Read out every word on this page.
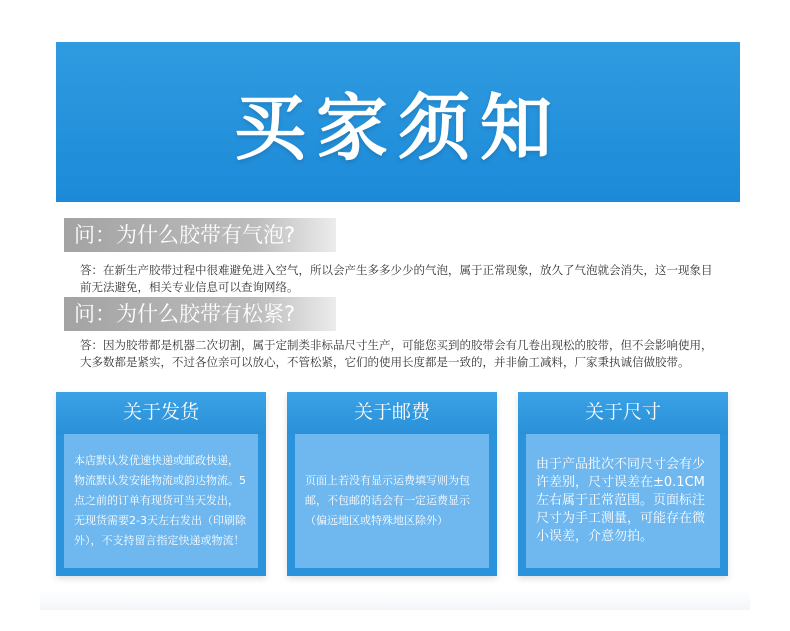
买家须知
问：为什么胶带有气泡?
答：在新生产胶带过程中很难避免进入空气，所以会产生多多少少的气泡，属于正常现象，放久了气泡就会消失，这一现象目前无法避免，相关专业信息可以查询网络。
问：为什么胶带有松紧?
答：因为胶带都是机器二次切割，属于定制类非标品尺寸生产，可能您买到的胶带会有几卷出现松的胶带，但不会影响使用，大多数都是紧实，不过各位亲可以放心，不管松紧，它们的使用长度都是一致的，并非偷工减料，厂家秉执诚信做胶带。
关于发货
本店默认发优速快递或邮政快递，物流默认发安能物流或韵达物流。5点之前的订单有现货可当天发出，无现货需要2-3天左右发出（印刷除外），不支持留言指定快递或物流！
关于邮费
页面上若没有显示运费填写则为包邮，不包邮的话会有一定运费显示（偏远地区或特殊地区除外）
关于尺寸
由于产品批次不同尺寸会有少许差别，尺寸误差在±0.1CM左右属于正常范围。页面标注尺寸为手工测量，可能存在微小误差，介意勿拍。
